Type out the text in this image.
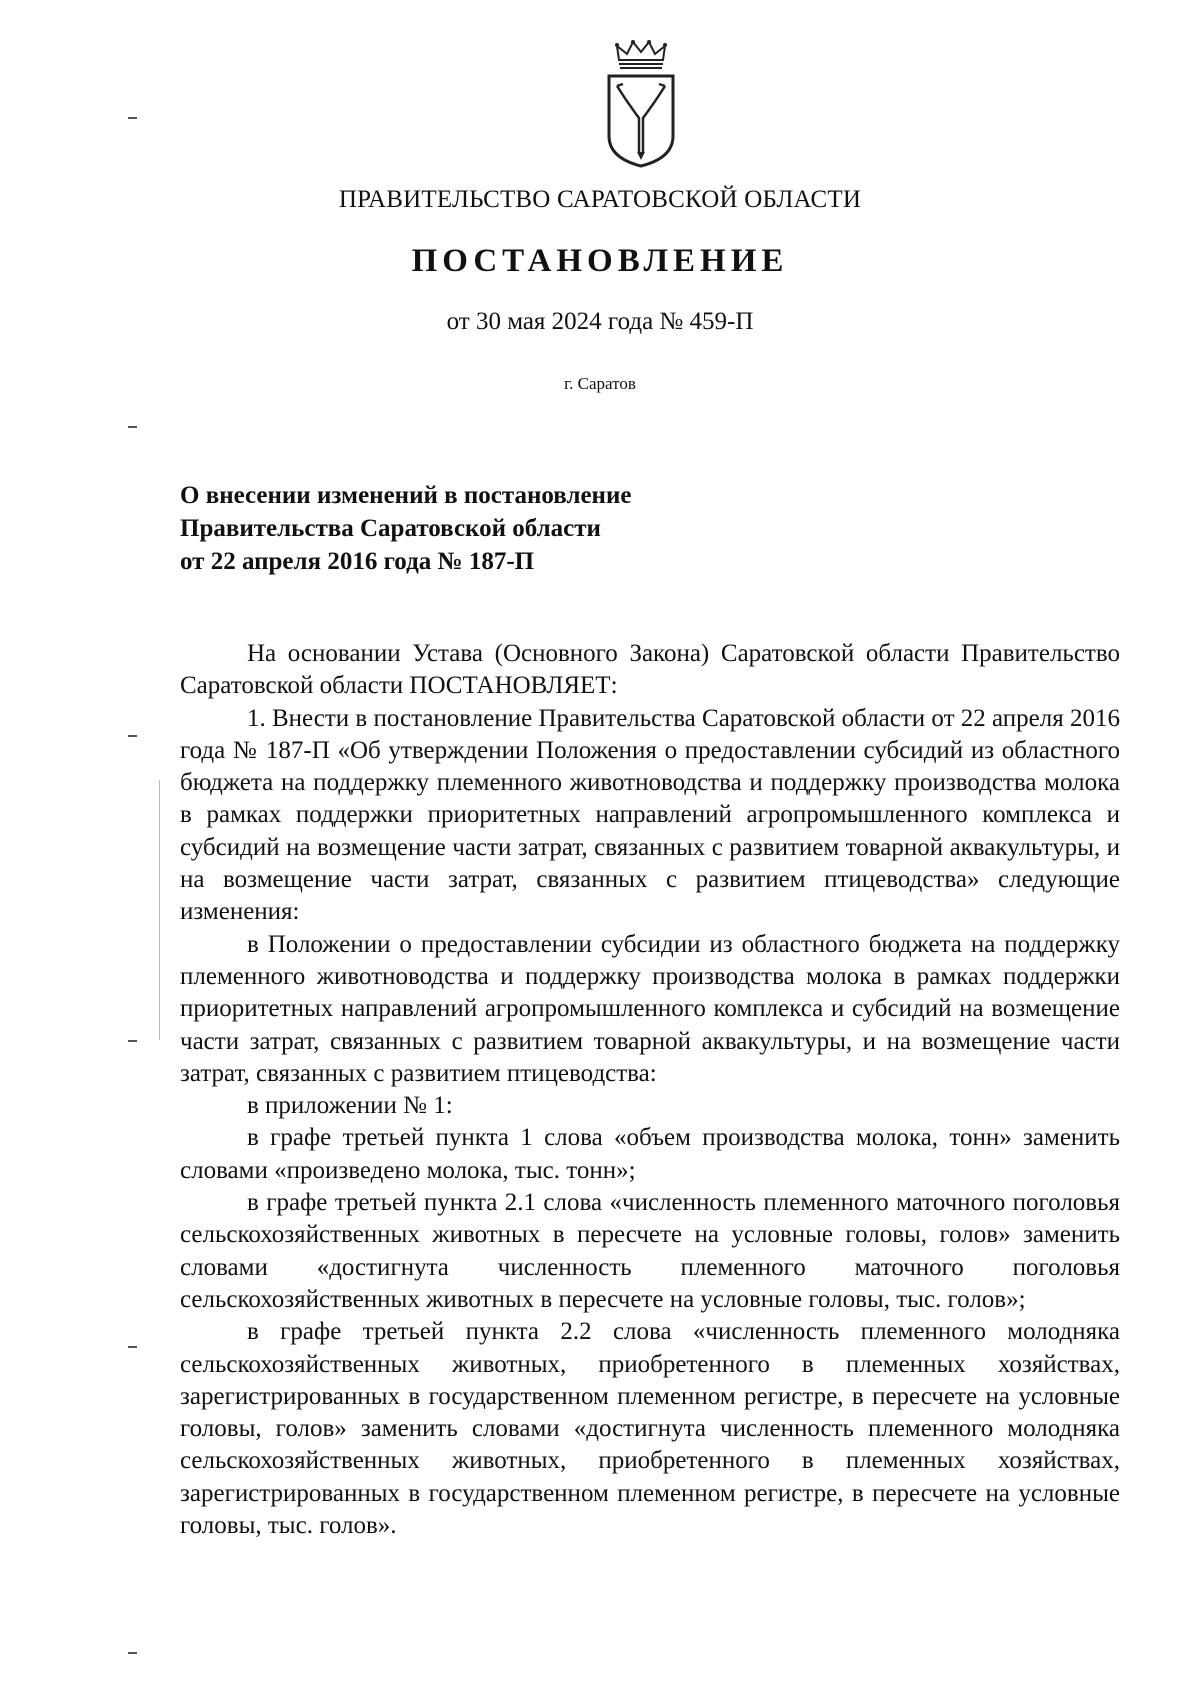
ПРАВИТЕЛЬСТВО САРАТОВСКОЙ ОБЛАСТИ
ПОСТАНОВЛЕНИЕ
от 30 мая 2024 года № 459-П
г. Саратов
О внесении изменений в постановление
Правительства Саратовской области
от 22 апреля 2016 года № 187-П

На основании Устава (Основного Закона) Саратовской области Правительство Саратовской области ПОСТАНОВЛЯЕТ:

1. Внести в постановление Правительства Саратовской области от 22 апреля 2016 года № 187-П «Об утверждении Положения о предоставлении субсидий из областного бюджета на поддержку племенного животноводства и поддержку производства молока в рамках поддержки приоритетных направлений агропромышленного комплекса и субсидий на возмещение части затрат, связанных с развитием товарной аквакультуры, и на возмещение части затрат, связанных с развитием птицеводства» следующие изменения:

в Положении о предоставлении субсидии из областного бюджета на поддержку племенного животноводства и поддержку производства молока в рамках поддержки приоритетных направлений агропромышленного комплекса и субсидий на возмещение части затрат, связанных с развитием товарной аквакультуры, и на возмещение части затрат, связанных с развитием птицеводства:

в приложении № 1:

в графе третьей пункта 1 слова «объем производства молока, тонн» заменить словами «произведено молока, тыс. тонн»;

в графе третьей пункта 2.1 слова «численность племенного маточного поголовья сельскохозяйственных животных в пересчете на условные головы, голов» заменить словами «достигнута численность племенного маточного поголовья сельскохозяйственных животных в пересчете на условные головы, тыс. голов»;

в графе третьей пункта 2.2 слова «численность племенного молодняка сельскохозяйственных животных, приобретенного в племенных хозяйствах, зарегистрированных в государственном племенном регистре, в пересчете на условные головы, голов» заменить словами «достигнута численность племенного молодняка сельскохозяйственных животных, приобретенного в племенных хозяйствах, зарегистрированных в государственном племенном регистре, в пересчете на условные головы, тыс. голов».
